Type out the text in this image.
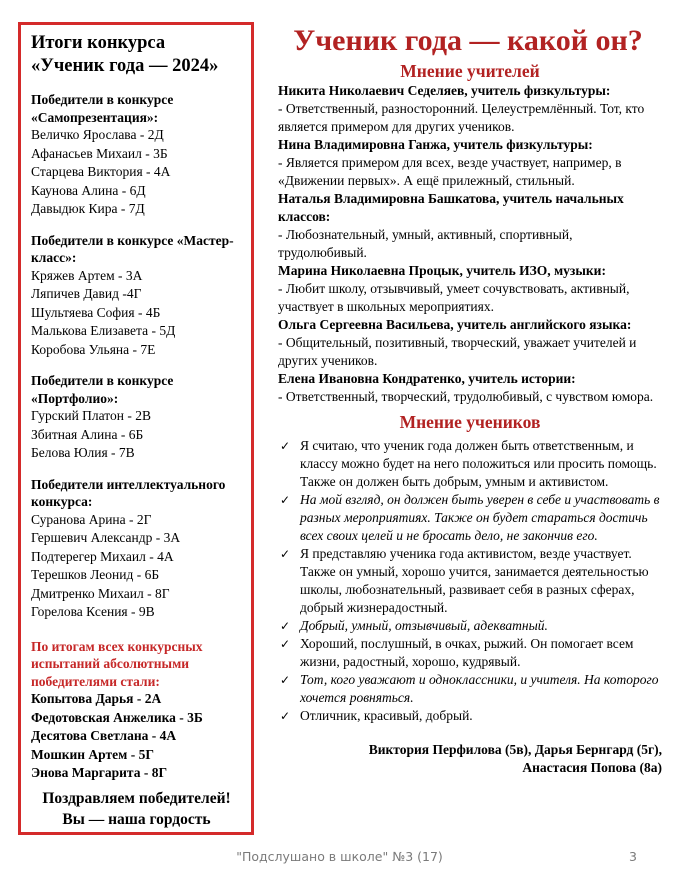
Итоги конкурса
«Ученик года — 2024»
Победители в конкурсе «Самопрезентация»:
Величко Ярослава - 2Д
Афанасьев Михаил - 3Б
Старцева Виктория - 4А
Каунова Алина - 6Д
Давыдюк Кира - 7Д
Победители в конкурсе «Мастер-класс»:
Кряжев Артем - 3А
Ляпичев Давид -4Г
Шультяева София - 4Б
Малькова Елизавета - 5Д
Коробова Ульяна - 7Е
Победители в конкурсе «Портфолио»:
Гурский Платон - 2В
Збитная Алина - 6Б
Белова Юлия - 7В
Победители интеллектуального конкурса:
Суранова Арина - 2Г
Гершевич Александр - 3А
Подтерегер Михаил - 4А
Терешков Леонид - 6Б
Дмитренко Михаил - 8Г
Горелова Ксения - 9В
По итогам всех конкурсных испытаний абсолютными победителями стали:
Копытова Дарья - 2А
Федотовская Анжелика - 3Б
Десятова Светлана - 4А
Мошкин Артем - 5Г
Энова Маргарита - 8Г
Поздравляем победителей!
Вы — наша гордость
Ученик года — какой он?
Мнение учителей
Никита Николаевич Седеляев, учитель физкультуры:
- Ответственный, разносторонний. Целеустремлённый. Тот, кто является примером для других учеников.
Нина Владимировна Ганжа, учитель физкультуры:
- Является примером для всех, везде участвует, например, в «Движении первых». А ещё прилежный, стильный.
Наталья Владимировна Башкатова, учитель начальных классов:
- Любознательный, умный, активный, спортивный, трудолюбивый.
Марина Николаевна Процык, учитель ИЗО, музыки:
- Любит школу, отзывчивый, умеет сочувствовать, активный, участвует в школьных мероприятиях.
Ольга Сергеевна Васильева, учитель английского языка:
- Общительный, позитивный, творческий, уважает учителей и других учеников.
Елена Ивановна Кондратенко, учитель истории:
- Ответственный, творческий, трудолюбивый, с чувством юмора.
Мнение учеников
✓ Я считаю, что ученик года должен быть ответственным, и классу можно будет на него положиться или просить помощь. Также он должен быть добрым, умным и активистом.
✓ На мой взгляд, он должен быть уверен в себе и участвовать в разных мероприятиях. Также он будет стараться достичь всех своих целей и не бросать дело, не закончив его.
✓ Я представляю ученика года активистом, везде участвует. Также он умный, хорошо учится, занимается деятельностью школы, любознательный, развивает себя в разных сферах, добрый жизнерадостный.
✓ Добрый, умный, отзывчивый, адекватный.
✓ Хороший, послушный, в очках, рыжий. Он помогает всем жизни, радостный, хорошо, кудрявый.
✓ Тот, кого уважают и одноклассники, и учителя. На которого хочется ровняться.
✓ Отличник, красивый, добрый.
Виктория Перфилова (5в), Дарья Бернгард (5г),
Анастасия Попова (8а)
"Подслушано в школе" №3 (17)	3
